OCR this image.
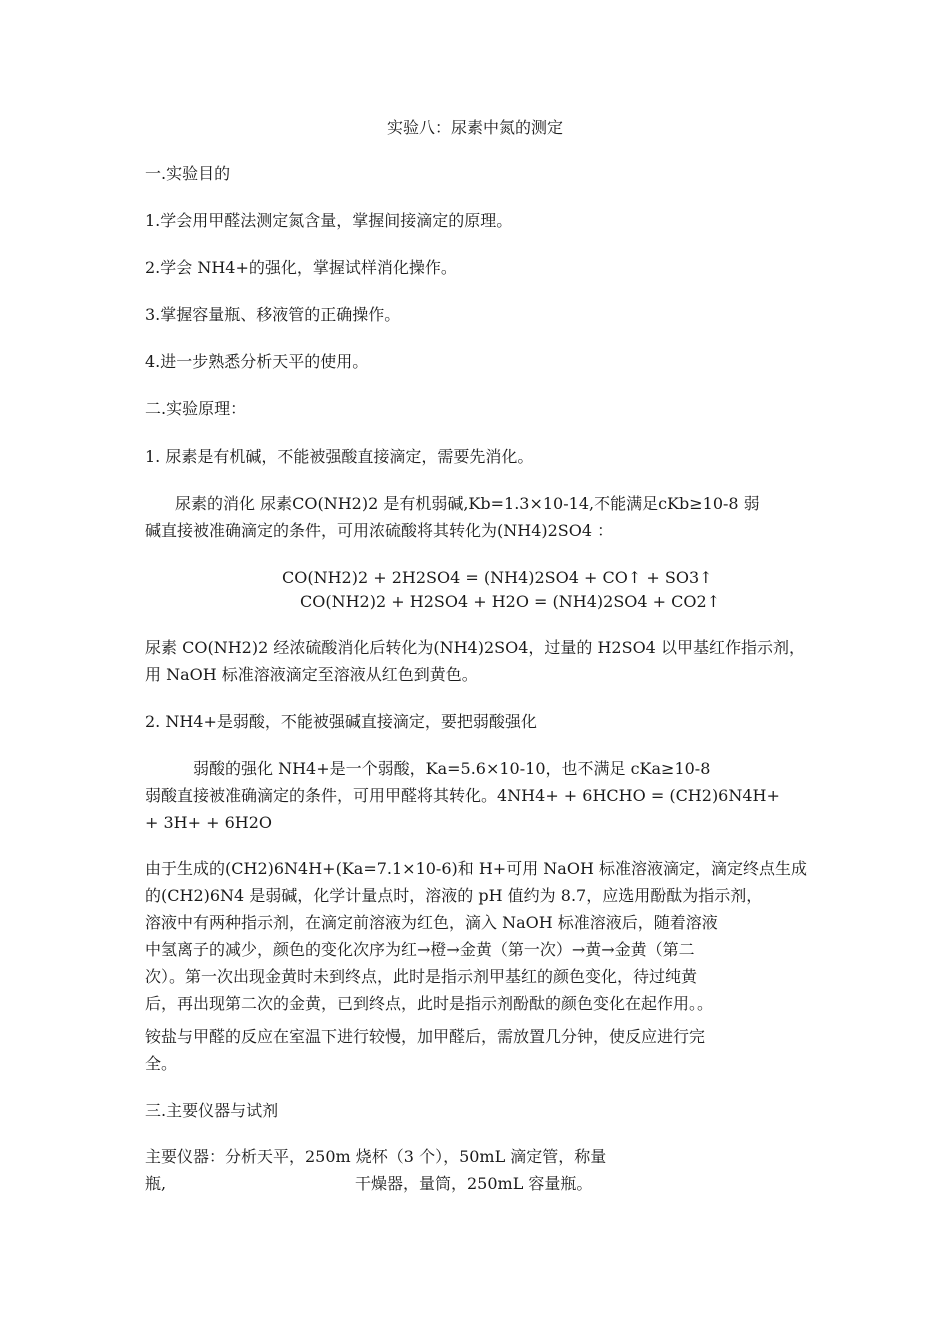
实验八：尿素中氮的测定
一.实验目的
1.学会用甲醛法测定氮含量，掌握间接滴定的原理。
2.学会 NH4+的强化，掌握试样消化操作。
3.掌握容量瓶、移液管的正确操作。
4.进一步熟悉分析天平的使用。
二.实验原理：
1. 尿素是有机碱，不能被强酸直接滴定，需要先消化。
尿素的消化 尿素CO(NH2)2 是有机弱碱,Kb=1.3×10-14,不能满足cKb≥10-8 弱
碱直接被准确滴定的条件，可用浓硫酸将其转化为(NH4)2SO4 ：
CO(NH2)2 + 2H2SO4 = (NH4)2SO4 + CO↑ + SO3↑
CO(NH2)2 + H2SO4 + H2O = (NH4)2SO4 + CO2↑
尿素 CO(NH2)2 经浓硫酸消化后转化为(NH4)2SO4，过量的 H2SO4 以甲基红作指示剂，
用 NaOH 标准溶液滴定至溶液从红色到黄色。
2. NH4+是弱酸，不能被强碱直接滴定，要把弱酸强化
弱酸的强化 NH4+是一个弱酸，Ka=5.6×10-10，也不满足 cKa≥10-8
弱酸直接被准确滴定的条件，可用甲醛将其转化。4NH4+ + 6HCHO = (CH2)6N4H+
+ 3H+ + 6H2O
由于生成的(CH2)6N4H+(Ka=7.1×10-6)和 H+可用 NaOH 标准溶液滴定，滴定终点生成
的(CH2)6N4 是弱碱，化学计量点时，溶液的 pH 值约为 8.7，应选用酚酞为指示剂，
溶液中有两种指示剂，在滴定前溶液为红色，滴入 NaOH 标准溶液后，随着溶液
中氢离子的减少，颜色的变化次序为红→橙→金黄（第一次）→黄→金黄（第二
次）。第一次出现金黄时未到终点，此时是指示剂甲基红的颜色变化，待过纯黄
后，再出现第二次的金黄，已到终点，此时是指示剂酚酞的颜色变化在起作用。。
铵盐与甲醛的反应在室温下进行较慢，加甲醛后，需放置几分钟，使反应进行完
全。
三.主要仪器与试剂
主要仪器：分析天平，250m 烧杯（3 个），50mL 滴定管，称量
瓶,	干燥器，量筒，250mL 容量瓶。
